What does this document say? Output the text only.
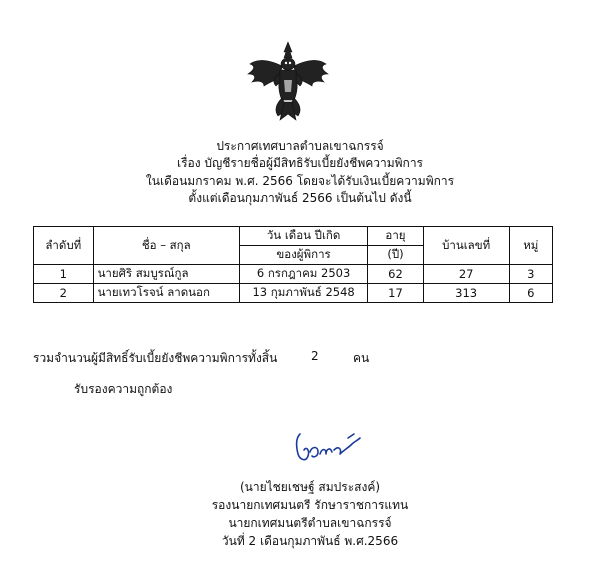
ประกาศเทศบาลตำบลเขาฉกรรจ์
เรื่อง บัญชีรายชื่อผู้มีสิทธิรับเบี้ยยังชีพความพิการ
ในเดือนมกราคม พ.ศ. 2566 โดยจะได้รับเงินเบี้ยความพิการ
ตั้งแต่เดือนกุมภาพันธ์ 2566 เป็นต้นไป ดังนี้
ลำดับที่	ชื่อ – สกุล	วัน เดือน ปีเกิด	อายุ	บ้านเลขที่	หมู่
		ของผู้พิการ	(ปี)		
1	นายศิริ สมบูรณ์กูล	6 กรกฎาคม 2503	62	27	3
2	นายเทวโรจน์ ลาดนอก	13 กุมภาพันธ์ 2548	17	313	6
รวมจำนวนผู้มีสิทธิ์รับเบี้ยยังชีพความพิการทั้งสิ้น	2	คน
รับรองความถูกต้อง
(นายไชยเชษฐ์ สมประสงค์)
รองนายกเทศมนตรี รักษาราชการแทน
นายกเทศมนตรีตำบลเขาฉกรรจ์
วันที่ 2 เดือนกุมภาพันธ์ พ.ศ.2566
